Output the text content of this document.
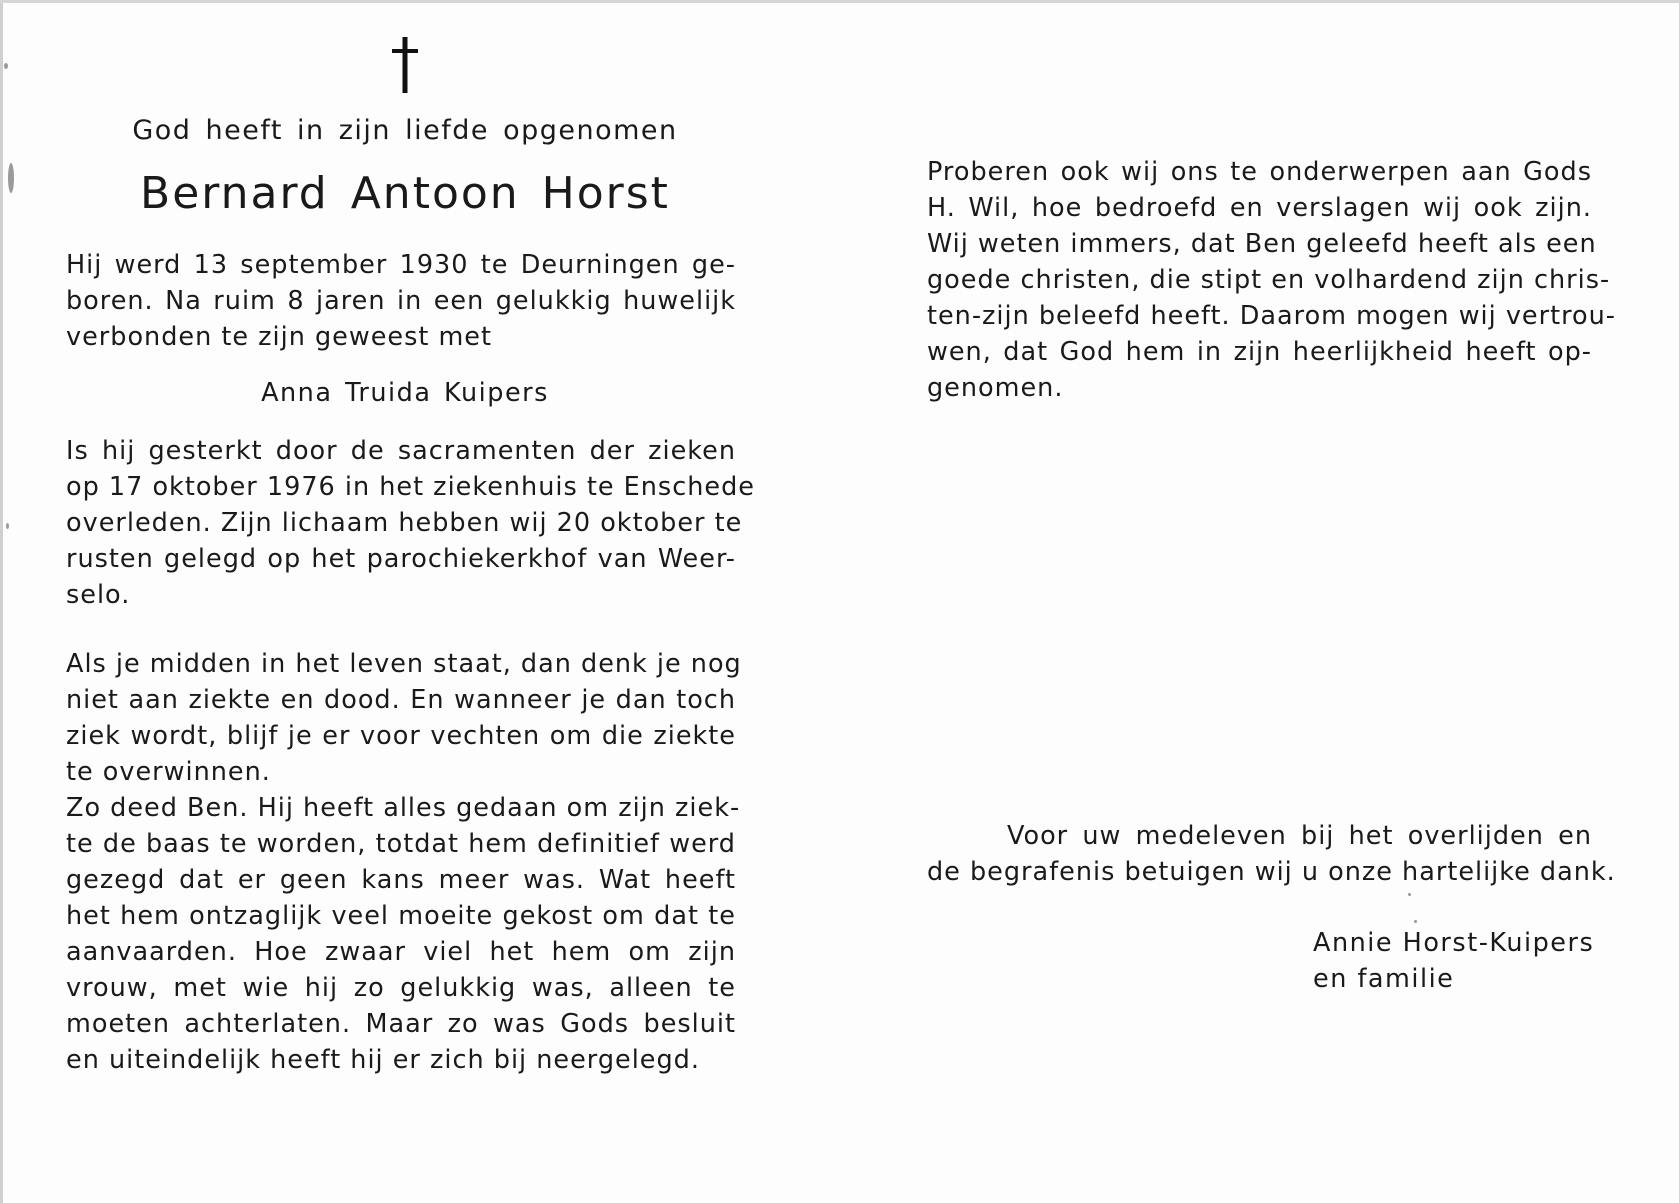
God heeft in zijn liefde opgenomen
Bernard Antoon Horst
Hij werd 13 september 1930 te Deurningen ge-
boren. Na ruim 8 jaren in een gelukkig huwelijk
verbonden te zijn geweest met
Anna Truida Kuipers
Is hij gesterkt door de sacramenten der zieken
op 17 oktober 1976 in het ziekenhuis te Enschede
overleden. Zijn lichaam hebben wij 20 oktober te
rusten gelegd op het parochiekerkhof van Weer-
selo.
Als je midden in het leven staat, dan denk je nog
niet aan ziekte en dood. En wanneer je dan toch
ziek wordt, blijf je er voor vechten om die ziekte
te overwinnen.
Zo deed Ben. Hij heeft alles gedaan om zijn ziek-
te de baas te worden, totdat hem definitief werd
gezegd dat er geen kans meer was. Wat heeft
het hem ontzaglijk veel moeite gekost om dat te
aanvaarden. Hoe zwaar viel het hem om zijn
vrouw, met wie hij zo gelukkig was, alleen te
moeten achterlaten. Maar zo was Gods besluit
en uiteindelijk heeft hij er zich bij neergelegd.
Proberen ook wij ons te onderwerpen aan Gods
H. Wil, hoe bedroefd en verslagen wij ook zijn.
Wij weten immers, dat Ben geleefd heeft als een
goede christen, die stipt en volhardend zijn chris-
ten-zijn beleefd heeft. Daarom mogen wij vertrou-
wen, dat God hem in zijn heerlijkheid heeft op-
genomen.
Voor uw medeleven bij het overlijden en
de begrafenis betuigen wij u onze hartelijke dank.
Annie Horst-Kuipers
en familie
